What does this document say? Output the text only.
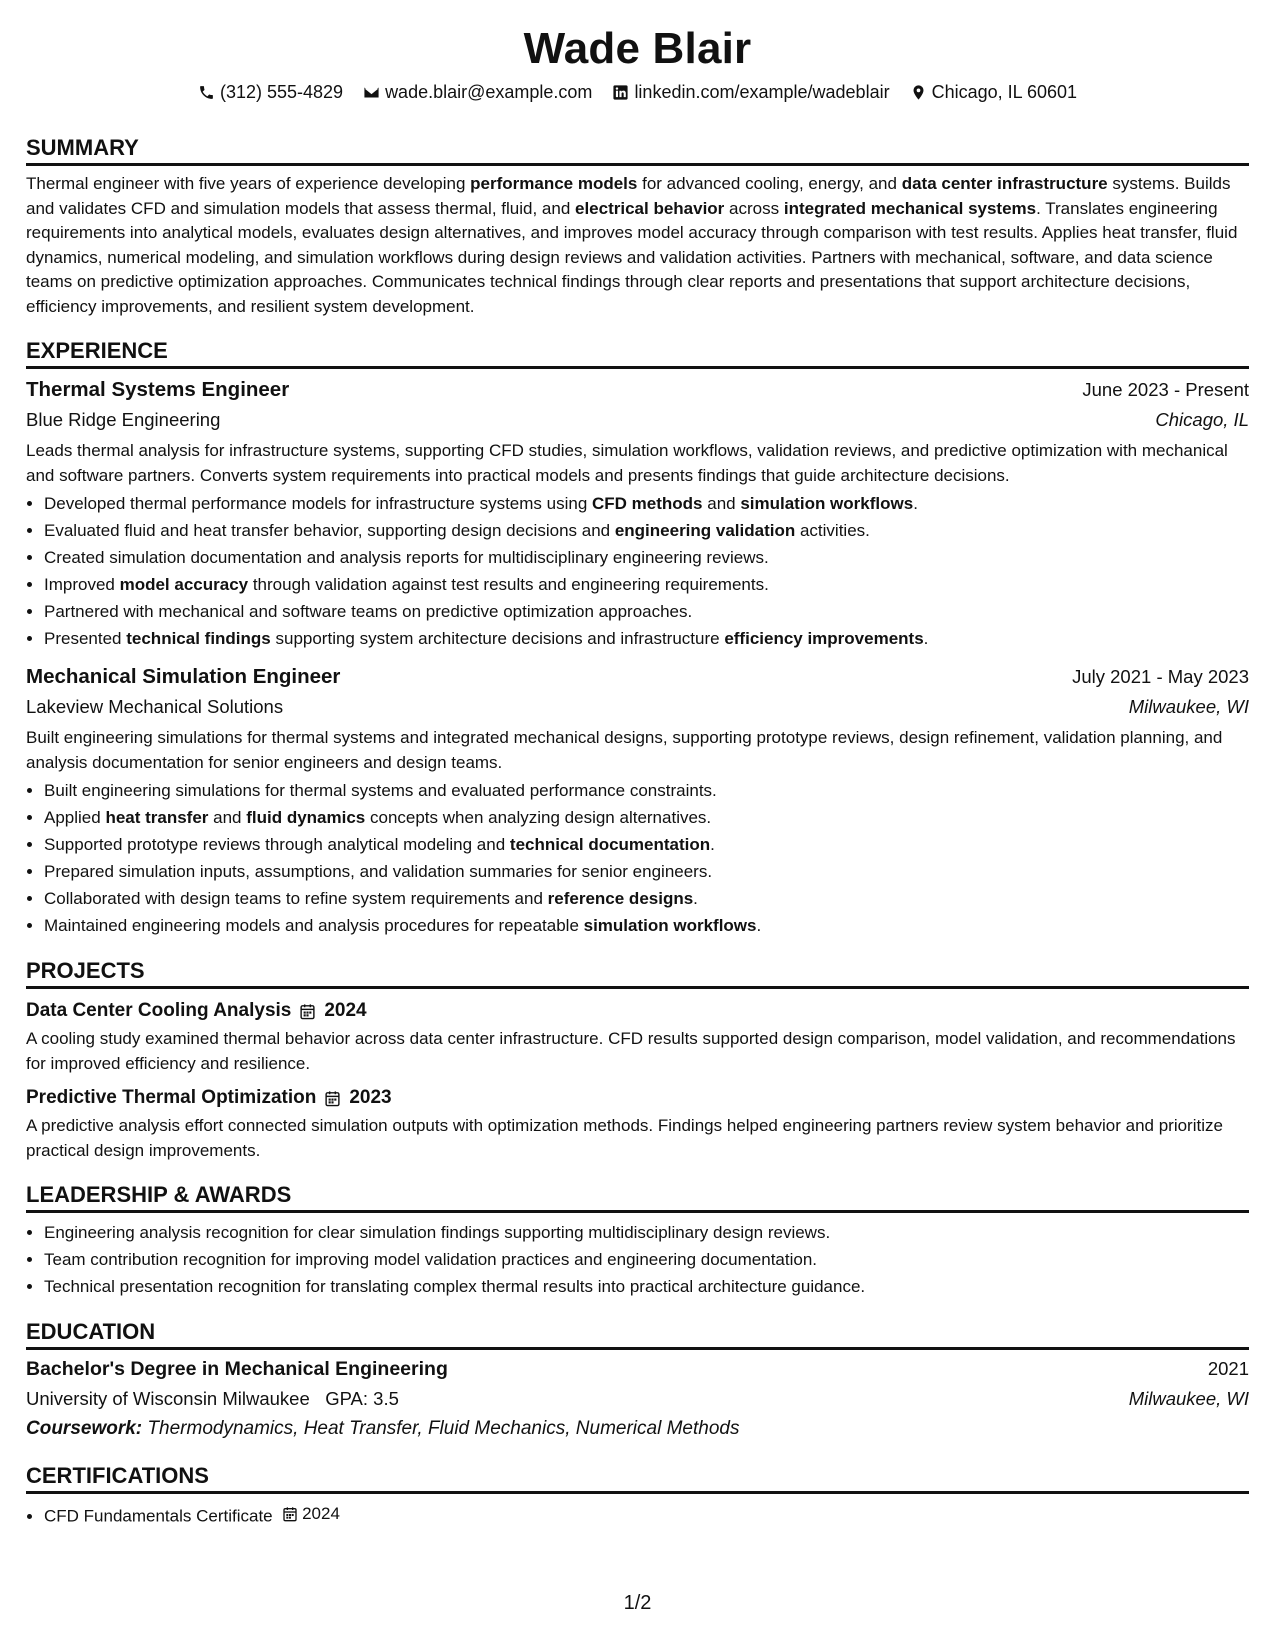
Wade Blair
(312) 555-4829 wade.blair@example.com linkedin.com/example/wadeblair Chicago, IL 60601
SUMMARY

Thermal engineer with five years of experience developing performance models for advanced cooling, energy, and data center infrastructure systems. Builds and validates CFD and simulation models that assess thermal, fluid, and electrical behavior across integrated mechanical systems. Translates engineering requirements into analytical models, evaluates design alternatives, and improves model accuracy through comparison with test results. Applies heat transfer, fluid dynamics, numerical modeling, and simulation workflows during design reviews and validation activities. Partners with mechanical, software, and data science teams on predictive optimization approaches. Communicates technical findings through clear reports and presentations that support architecture decisions, efficiency improvements, and resilient system development.

EXPERIENCE
Thermal Systems Engineer	June 2023 - Present
Blue Ridge Engineering	Chicago, IL

Leads thermal analysis for infrastructure systems, supporting CFD studies, simulation workflows, validation reviews, and predictive optimization with mechanical and software partners. Converts system requirements into practical models and presents findings that guide architecture decisions.

• Developed thermal performance models for infrastructure systems using CFD methods and simulation workflows.
• Evaluated fluid and heat transfer behavior, supporting design decisions and engineering validation activities.
• Created simulation documentation and analysis reports for multidisciplinary engineering reviews.
• Improved model accuracy through validation against test results and engineering requirements.
• Partnered with mechanical and software teams on predictive optimization approaches.
• Presented technical findings supporting system architecture decisions and infrastructure efficiency improvements.
Mechanical Simulation Engineer	July 2021 - May 2023
Lakeview Mechanical Solutions	Milwaukee, WI

Built engineering simulations for thermal systems and integrated mechanical designs, supporting prototype reviews, design refinement, validation planning, and analysis documentation for senior engineers and design teams.

• Built engineering simulations for thermal systems and evaluated performance constraints.
• Applied heat transfer and fluid dynamics concepts when analyzing design alternatives.
• Supported prototype reviews through analytical modeling and technical documentation.
• Prepared simulation inputs, assumptions, and validation summaries for senior engineers.
• Collaborated with design teams to refine system requirements and reference designs.
• Maintained engineering models and analysis procedures for repeatable simulation workflows.
PROJECTS
Data Center Cooling Analysis 2024

A cooling study examined thermal behavior across data center infrastructure. CFD results supported design comparison, model validation, and recommendations for improved efficiency and resilience.

Predictive Thermal Optimization 2023

A predictive analysis effort connected simulation outputs with optimization methods. Findings helped engineering partners review system behavior and prioritize practical design improvements.

LEADERSHIP & AWARDS
• Engineering analysis recognition for clear simulation findings supporting multidisciplinary design reviews.
• Team contribution recognition for improving model validation practices and engineering documentation.
• Technical presentation recognition for translating complex thermal results into practical architecture guidance.
EDUCATION
Bachelor's Degree in Mechanical Engineering	2021
University of Wisconsin Milwaukee GPA: 3.5	Milwaukee, WI
Coursework: Thermodynamics, Heat Transfer, Fluid Mechanics, Numerical Methods
CERTIFICATIONS
• CFD Fundamentals Certificate 2024
1/2
